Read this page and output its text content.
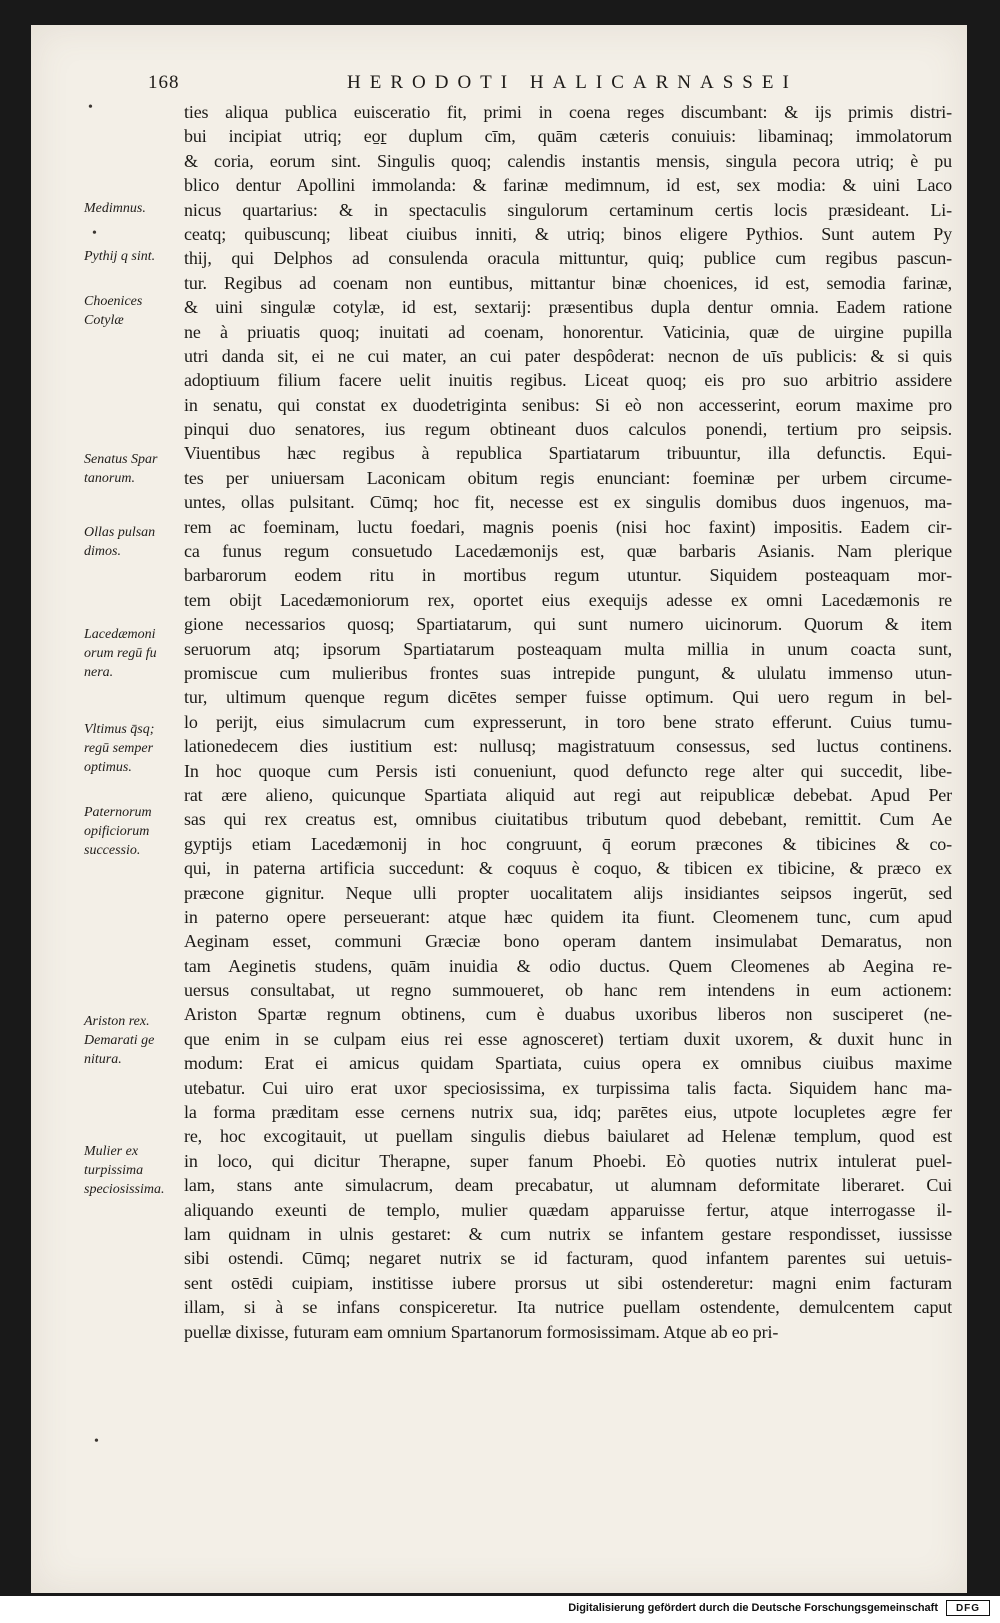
168	HERODOTI HALICARNASSEI
•
•
•
Medimnus.
Pythij q sint.
Choenices
Cotylæ
Senatus Spar
tanorum.
Ollas pulsan
dimos.
Lacedæmoni
orum regū fu
nera.
Vltimus q̄sq;
regū semper
optimus.
Paternorum
opificiorum
successio.
Ariston rex.
Demarati ge
nitura.
Mulier ex
turpissima
speciosissima.
ties aliqua publica euisceratio fit, primi in coena reges discumbant: & ijs primis distri‑
bui incipiat utriq; eo̱ṟ duplum cīm, quām cæteris conuiuis: libaminaq; immolatorum
& coria, eorum sint. Singulis quoq; calendis instantis mensis, singula pecora utriq; è pu
blico dentur Apollini immolanda: & farinæ medimnum, id est, sex modia: & uini Laco
nicus quartarius: & in spectaculis singulorum certaminum certis locis præsideant. Li‑
ceatq; quibuscunq; libeat ciuibus inniti, & utriq; binos eligere Pythios. Sunt autem Py
thij, qui Delphos ad consulenda oracula mittuntur, quiq; publice cum regibus pascun‑
tur. Regibus ad coenam non euntibus, mittantur binæ choenices, id est, semodia farinæ,
& uini singulæ cotylæ, id est, sextarij: præsentibus dupla dentur omnia. Eadem ratione
ne à priuatis quoq; inuitati ad coenam, honorentur. Vaticinia, quæ de uirgine pupilla
utri danda sit, ei ne cui mater, an cui pater despôderat: necnon de uīs publicis: & si quis
adoptiuum filium facere uelit inuitis regibus. Liceat quoq; eis pro suo arbitrio assidere
in senatu, qui constat ex duodetriginta senibus: Si eò non accesserint, eorum maxime pro
pinqui duo senatores, ius regum obtineant duos calculos ponendi, tertium pro seipsis.
Viuentibus hæc regibus à republica Spartiatarum tribuuntur, illa defunctis. Equi‑
tes per uniuersam Laconicam obitum regis enunciant: foeminæ per urbem circume‑
untes, ollas pulsitant. Cūmq; hoc fit, necesse est ex singulis domibus duos ingenuos, ma‑
rem ac foeminam, luctu foedari, magnis poenis (nisi hoc faxint) impositis. Eadem cir‑
ca funus regum consuetudo Lacedæmonijs est, quæ barbaris Asianis. Nam plerique
barbarorum eodem ritu in mortibus regum utuntur. Siquidem posteaquam mor‑
tem obijt Lacedæmoniorum rex, oportet eius exequijs adesse ex omni Lacedæmonis re
gione necessarios quosq; Spartiatarum, qui sunt numero uicinorum. Quorum & item
seruorum atq; ipsorum Spartiatarum posteaquam multa millia in unum coacta sunt,
promiscue cum mulieribus frontes suas intrepide pungunt, & ululatu immenso utun‑
tur, ultimum quenque regum dicētes semper fuisse optimum. Qui uero regum in bel‑
lo perijt, eius simulacrum cum expresserunt, in toro bene strato efferunt. Cuius tumu‑
lationedecem dies iustitium est: nullusq; magistratuum consessus, sed luctus continens.
In hoc quoque cum Persis isti conueniunt, quod defuncto rege alter qui succedit, libe‑
rat ære alieno, quicunque Spartiata aliquid aut regi aut reipublicæ debebat. Apud Per
sas qui rex creatus est, omnibus ciuitatibus tributum quod debebant, remittit. Cum Ae
gyptijs etiam Lacedæmonij in hoc congruunt, q̄ eorum præcones & tibicines & co‑
qui, in paterna artificia succedunt: & coquus è coquo, & tibicen ex tibicine, & præco ex
præcone gignitur. Neque ulli propter uocalitatem alijs insidiantes seipsos ingerūt, sed
in paterno opere perseuerant: atque hæc quidem ita fiunt. Cleomenem tunc, cum apud
Aeginam esset, communi Græciæ bono operam dantem insimulabat Demaratus, non
tam Aeginetis studens, quām inuidia & odio ductus. Quem Cleomenes ab Aegina re‑
uersus consultabat, ut regno summoueret, ob hanc rem intendens in eum actionem:
Ariston Spartæ regnum obtinens, cum è duabus uxoribus liberos non susciperet (ne‑
que enim in se culpam eius rei esse agnosceret) tertiam duxit uxorem, & duxit hunc in
modum: Erat ei amicus quidam Spartiata, cuius opera ex omnibus ciuibus maxime
utebatur. Cui uiro erat uxor speciosissima, ex turpissima talis facta. Siquidem hanc ma‑
la forma præditam esse cernens nutrix sua, idq; parētes eius, utpote locupletes ægre fer
re, hoc excogitauit, ut puellam singulis diebus baiularet ad Helenæ templum, quod est
in loco, qui dicitur Therapne, super fanum Phoebi. Eò quoties nutrix intulerat puel‑
lam, stans ante simulacrum, deam precabatur, ut alumnam deformitate liberaret. Cui
aliquando exeunti de templo, mulier quædam apparuisse fertur, atque interrogasse il‑
lam quidnam in ulnis gestaret: & cum nutrix se infantem gestare respondisset, iussisse
sibi ostendi. Cūmq; negaret nutrix se id facturam, quod infantem parentes sui uetuis‑
sent ostēdi cuipiam, institisse iubere prorsus ut sibi ostenderetur: magni enim facturam
illam, si à se infans conspiceretur. Ita nutrice puellam ostendente, demulcentem caput
puellæ dixisse, futuram eam omnium Spartanorum formosissimam. Atque ab eo pri‑
Digitalisierung gefördert durch die Deutsche Forschungsgemeinschaft	DFG
